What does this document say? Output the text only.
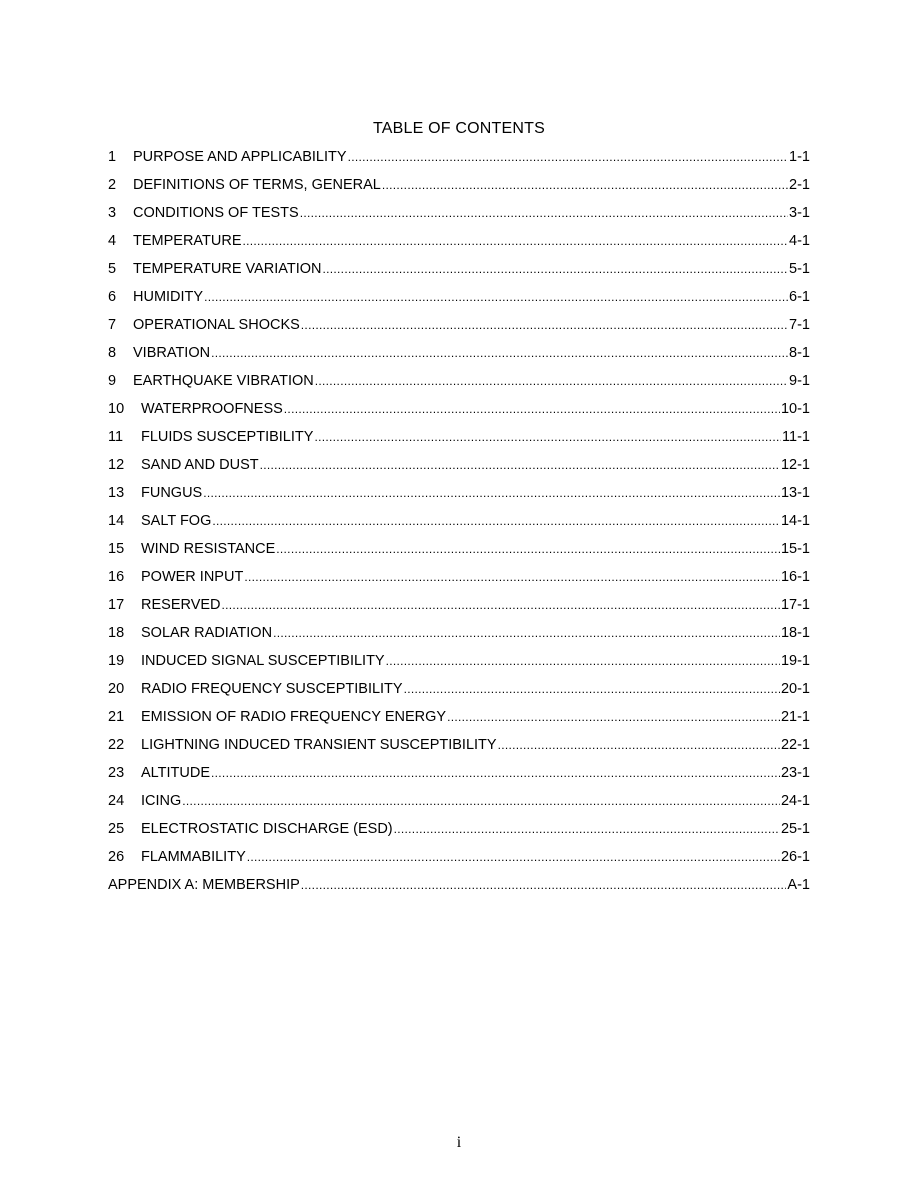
TABLE OF CONTENTS
1	PURPOSE AND APPLICABILITY .....	1-1
2	DEFINITIONS OF TERMS, GENERAL .....	2-1
3	CONDITIONS OF TESTS .....	3-1
4	TEMPERATURE .....	4-1
5	TEMPERATURE VARIATION .....	5-1
6	HUMIDITY .....	6-1
7	OPERATIONAL SHOCKS .....	7-1
8	VIBRATION .....	8-1
9	EARTHQUAKE VIBRATION .....	9-1
10	WATERPROOFNESS .....	10-1
11	FLUIDS SUSCEPTIBILITY .....	11-1
12	SAND AND DUST .....	12-1
13	FUNGUS .....	13-1
14	SALT FOG .....	14-1
15	WIND RESISTANCE .....	15-1
16	POWER INPUT .....	16-1
17	RESERVED .....	17-1
18	SOLAR RADIATION .....	18-1
19	INDUCED SIGNAL SUSCEPTIBILITY .....	19-1
20	RADIO FREQUENCY SUSCEPTIBILITY .....	20-1
21	EMISSION OF RADIO FREQUENCY ENERGY .....	21-1
22	LIGHTNING INDUCED TRANSIENT SUSCEPTIBILITY .....	22-1
23	ALTITUDE .....	23-1
24	ICING .....	24-1
25	ELECTROSTATIC DISCHARGE (ESD) .....	25-1
26	FLAMMABILITY .....	26-1
APPENDIX A: MEMBERSHIP .....	A-1
i
